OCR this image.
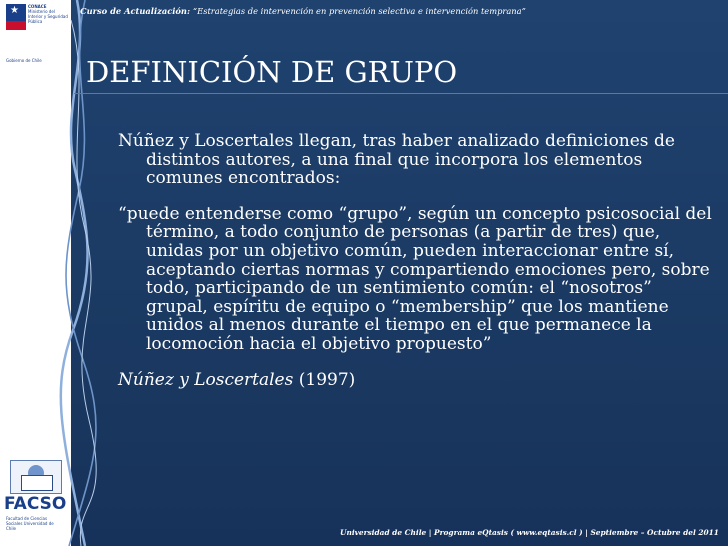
★ CONACE
Ministerio del Interior y Seguridad Pública
Gobierno de Chile
FACSO
Facultad de Ciencias Sociales Universidad de Chile
Curso de Actualización: “Estrategias de intervención en prevención selectiva e intervención temprana”
DEFINICIÓN DE GRUPO

Núñez y Loscertales llegan, tras haber analizado definiciones de distintos autores, a una final que incorpora los elementos comunes encontrados:

“puede entenderse como “grupo”, según un concepto psicosocial del término, a todo conjunto de personas (a partir de tres) que, unidas por un objetivo común, pueden interaccionar entre sí, aceptando ciertas normas y compartiendo emociones pero, sobre todo, participando de un sentimiento común: el “nosotros” grupal, espíritu de equipo o “membership” que los mantiene unidos al menos durante el tiempo en el que permanece la locomoción hacia el objetivo propuesto”

Núñez y Loscertales (1997)

Universidad de Chile | Programa eQtasis ( www.eqtasis.cl ) | Septiembre – Octubre del 2011
